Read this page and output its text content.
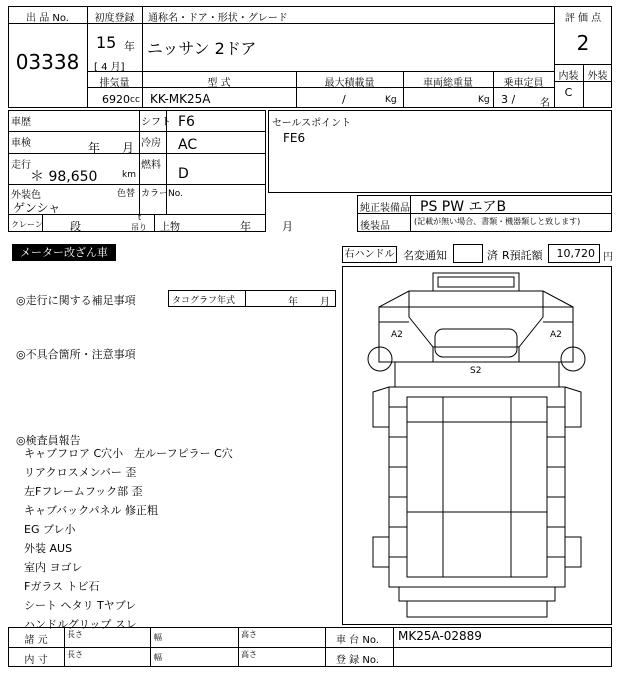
出 品 No.
03338
初度登録
15 年
[ 4 月]
通称名・ドア・形状・グレード
ニッサン 2ドア
評 価 点
2
内装 外装
C
排気量	型 式	最大積載量	車両総重量	乗車定員
6920 cc KK-MK25A	/	Kg	Kg 3 / 名
車歴	シフト F6
車検	年 月 冷房 AC
走行
＊ 98,650	km
燃料
D
外装色
ゲンシャ
色替 カラーNo.
クレーン 段
t
吊り 上物	年	月
セールスポイント
FE6
純正装備品 PS PW エアB
後装品	(記載が無い場合、書類・機器類しと致します)
メーター改ざん車	右ハンドル 名変通知	済 R預託額	10,720 円
◎走行に関する補足事項	タコグラフ年式	年 月
◎不具合箇所・注意事項
◎検査員報告
キャブフロア C穴小　左ルーフピラー C穴
リアクロスメンバー 歪
左Fフレームフック部 歪
キャブバックパネル 修正粗
EG ブレ小
外装 AUS
室内 ヨゴレ
Fガラス トビ石
シート ヘタリ Tヤブレ
ハンドルグリップ スレ
A2	A2
S2
諸 元
内 寸
長さ	幅	高さ
長さ	幅	高さ
車 台 No. MK25A-02889
登 録 No.
